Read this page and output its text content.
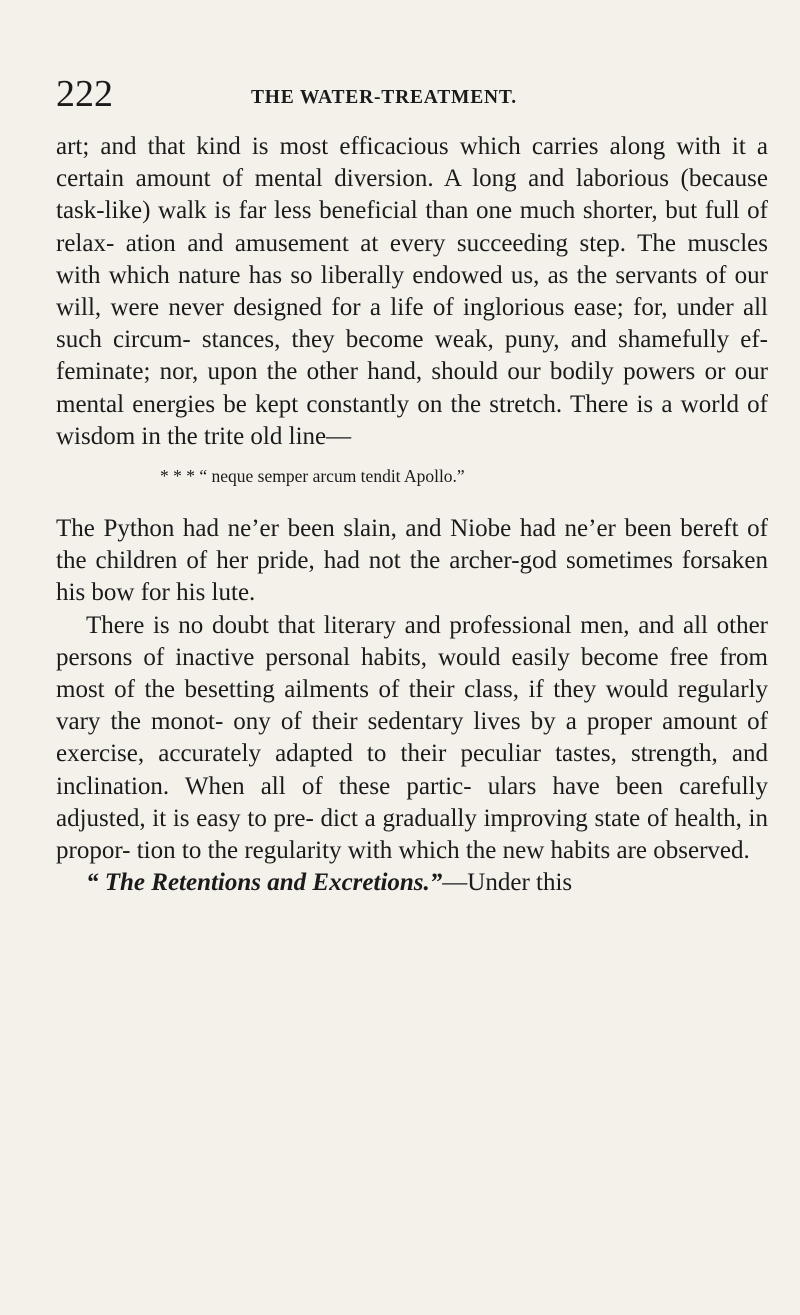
222	THE WATER-TREATMENT.

art; and that kind is most efficacious which carries along with it a certain amount of mental diversion. A long and laborious (because task-like) walk is far less beneficial than one much shorter, but full of relax- ation and amusement at every succeeding step. The muscles with which nature has so liberally endowed us, as the servants of our will, were never designed for a life of inglorious ease; for, under all such circum- stances, they become weak, puny, and shamefully ef- feminate; nor, upon the other hand, should our bodily powers or our mental energies be kept constantly on the stretch. There is a world of wisdom in the trite old line—

* * * “ neque semper arcum tendit Apollo.”

The Python had ne’er been slain, and Niobe had ne’er been bereft of the children of her pride, had not the archer-god sometimes forsaken his bow for his lute.

There is no doubt that literary and professional men, and all other persons of inactive personal habits, would easily become free from most of the besetting ailments of their class, if they would regularly vary the monot- ony of their sedentary lives by a proper amount of exercise, accurately adapted to their peculiar tastes, strength, and inclination. When all of these partic- ulars have been carefully adjusted, it is easy to pre- dict a gradually improving state of health, in propor- tion to the regularity with which the new habits are observed.

“ The Retentions and Excretions.”—Under this
